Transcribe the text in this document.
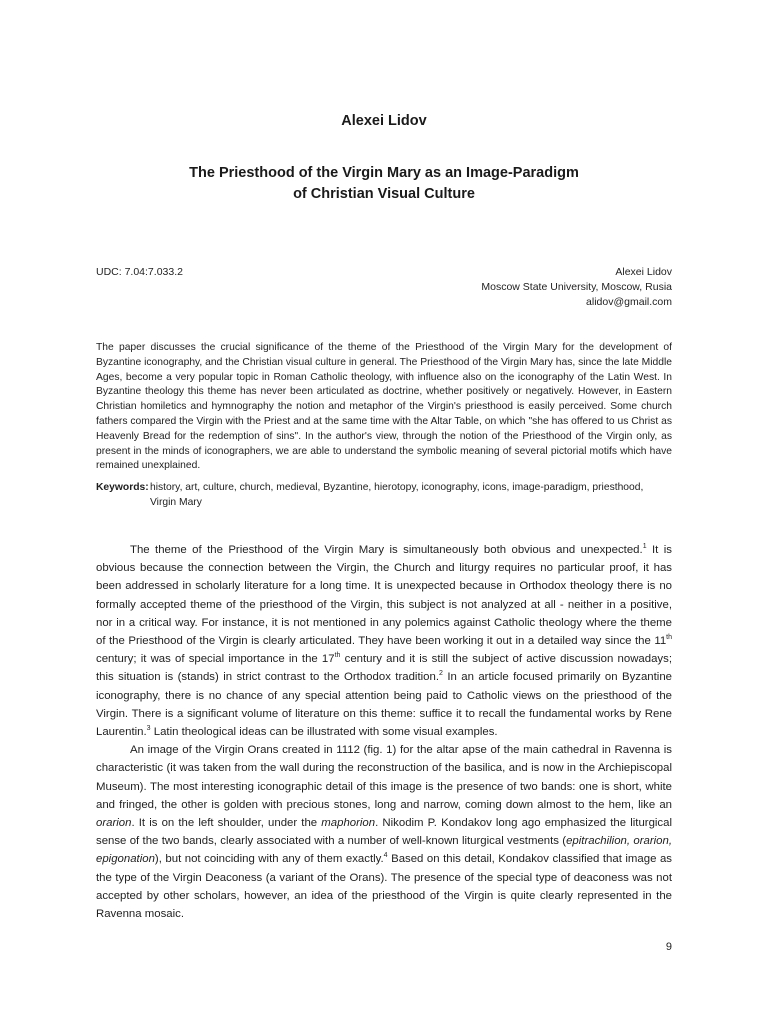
Alexei Lidov
The Priesthood of the Virgin Mary as an Image-Paradigm
of Christian Visual Culture
UDC: 7.04:7.033.2	Alexei Lidov
Moscow State University, Moscow, Rusia
alidov@gmail.com

The paper discusses the crucial significance of the theme of the Priesthood of the Virgin Mary for the development of Byzantine iconography, and the Christian visual culture in general. The Priesthood of the Virgin Mary has, since the late Middle Ages, become a very popular topic in Roman Catholic theology, with influence also on the iconography of the Latin West. In Byzantine theology this theme has never been articulated as doctrine, whether positively or negatively. However, in Eastern Christian homiletics and hymnography the notion and metaphor of the Virgin's priesthood is easily perceived. Some church fathers compared the Virgin with the Priest and at the same time with the Altar Table, on which "she has offered to us Christ as Heavenly Bread for the redemption of sins". In the author's view, through the notion of the Priesthood of the Virgin only, as present in the minds of iconographers, we are able to understand the symbolic meaning of several pictorial motifs which have remained unexplained.

Keywords: history, art, culture, church, medieval, Byzantine, hierotopy, iconography, icons, image-paradigm, priesthood, Virgin Mary

The theme of the Priesthood of the Virgin Mary is simultaneously both obvious and unexpected.$^1$ It is obvious because the connection between the Virgin, the Church and liturgy requires no particular proof, it has been addressed in scholarly literature for a long time. It is unexpected because in Orthodox theology there is no formally accepted theme of the priesthood of the Virgin, this subject is not analyzed at all - neither in a positive, nor in a critical way. For instance, it is not mentioned in any polemics against Catholic theology where the theme of the Priesthood of the Virgin is clearly articulated. They have been working it out in a detailed way since the 11th century; it was of special importance in the 17th century and it is still the subject of active discussion nowadays; this situation is (stands) in strict contrast to the Orthodox tradition.$^2$ In an article focused primarily on Byzantine iconography, there is no chance of any special attention being paid to Catholic views on the priesthood of the Virgin. There is a significant volume of literature on this theme: suffice it to recall the fundamental works by Rene Laurentin.$^3$ Latin theological ideas can be illustrated with some visual examples.

An image of the Virgin Orans created in 1112 (fig. 1) for the altar apse of the main cathedral in Ravenna is characteristic (it was taken from the wall during the reconstruction of the basilica, and is now in the Archiepiscopal Museum). The most interesting iconographic detail of this image is the presence of two bands: one is short, white and fringed, the other is golden with precious stones, long and narrow, coming down almost to the hem, like an orarion. It is on the left shoulder, under the maphorion. Nikodim P. Kondakov long ago emphasized the liturgical sense of the two bands, clearly associated with a number of well-known liturgical vestments (epitrachilion, orarion, epigonation), but not coinciding with any of them exactly.$^4$ Based on this detail, Kondakov classified that image as the type of the Virgin Deaconess (a variant of the Orans). The presence of the special type of deaconess was not accepted by other scholars, however, an idea of the priesthood of the Virgin is quite clearly represented in the Ravenna mosaic.

9
